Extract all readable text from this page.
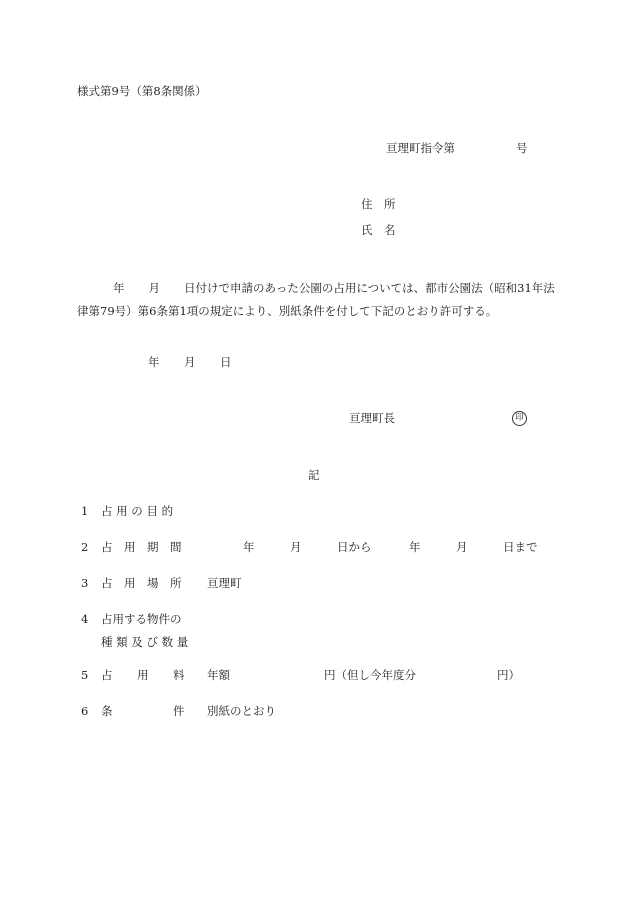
様式第9号（第8条関係）
亘理町指令第	号
住　所
氏　名
年 月 日付けで申請のあった公園の占用については、都市公園法（昭和31年法律第79号）第6条第1項の規定により、別紙条件を付して下記のとおり許可する。
年 月 日
亘理町長	印
記
1 占 用 の 目 的
2 占　用　期　間	年	月	日から	年	月	日まで
3 占　用　場　所 亘理町
4 占用する物件の
種 類 及 び 数 量
5 占 用 料 年額	円（但し今年度分	円）
6 条	件 別紙のとおり
